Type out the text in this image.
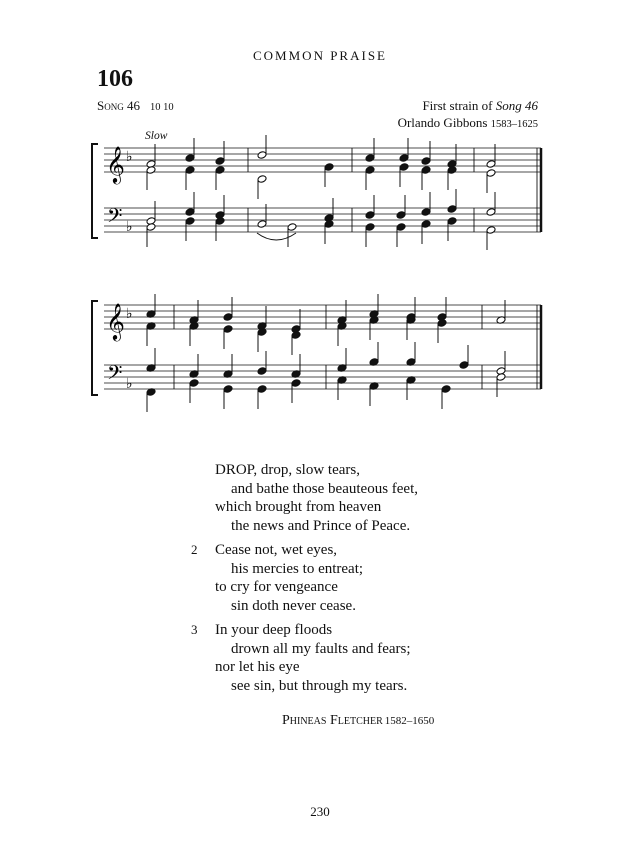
COMMON PRAISE
106
Song 46 10 10	First strain of Song 46
Orlando Gibbons 1583–1625
Slow
𝄞
𝄢
♭
♭
𝄞
𝄢
♭
♭
DROP, drop, slow tears,
and bathe those beauteous feet,
which brought from heaven
the news and Prince of Peace.
2 Cease not, wet eyes,
his mercies to entreat;
to cry for vengeance
sin doth never cease.
3 In your deep floods
drown all my faults and fears;
nor let his eye
see sin, but through my tears.
Phineas Fletcher 1582–1650
230
